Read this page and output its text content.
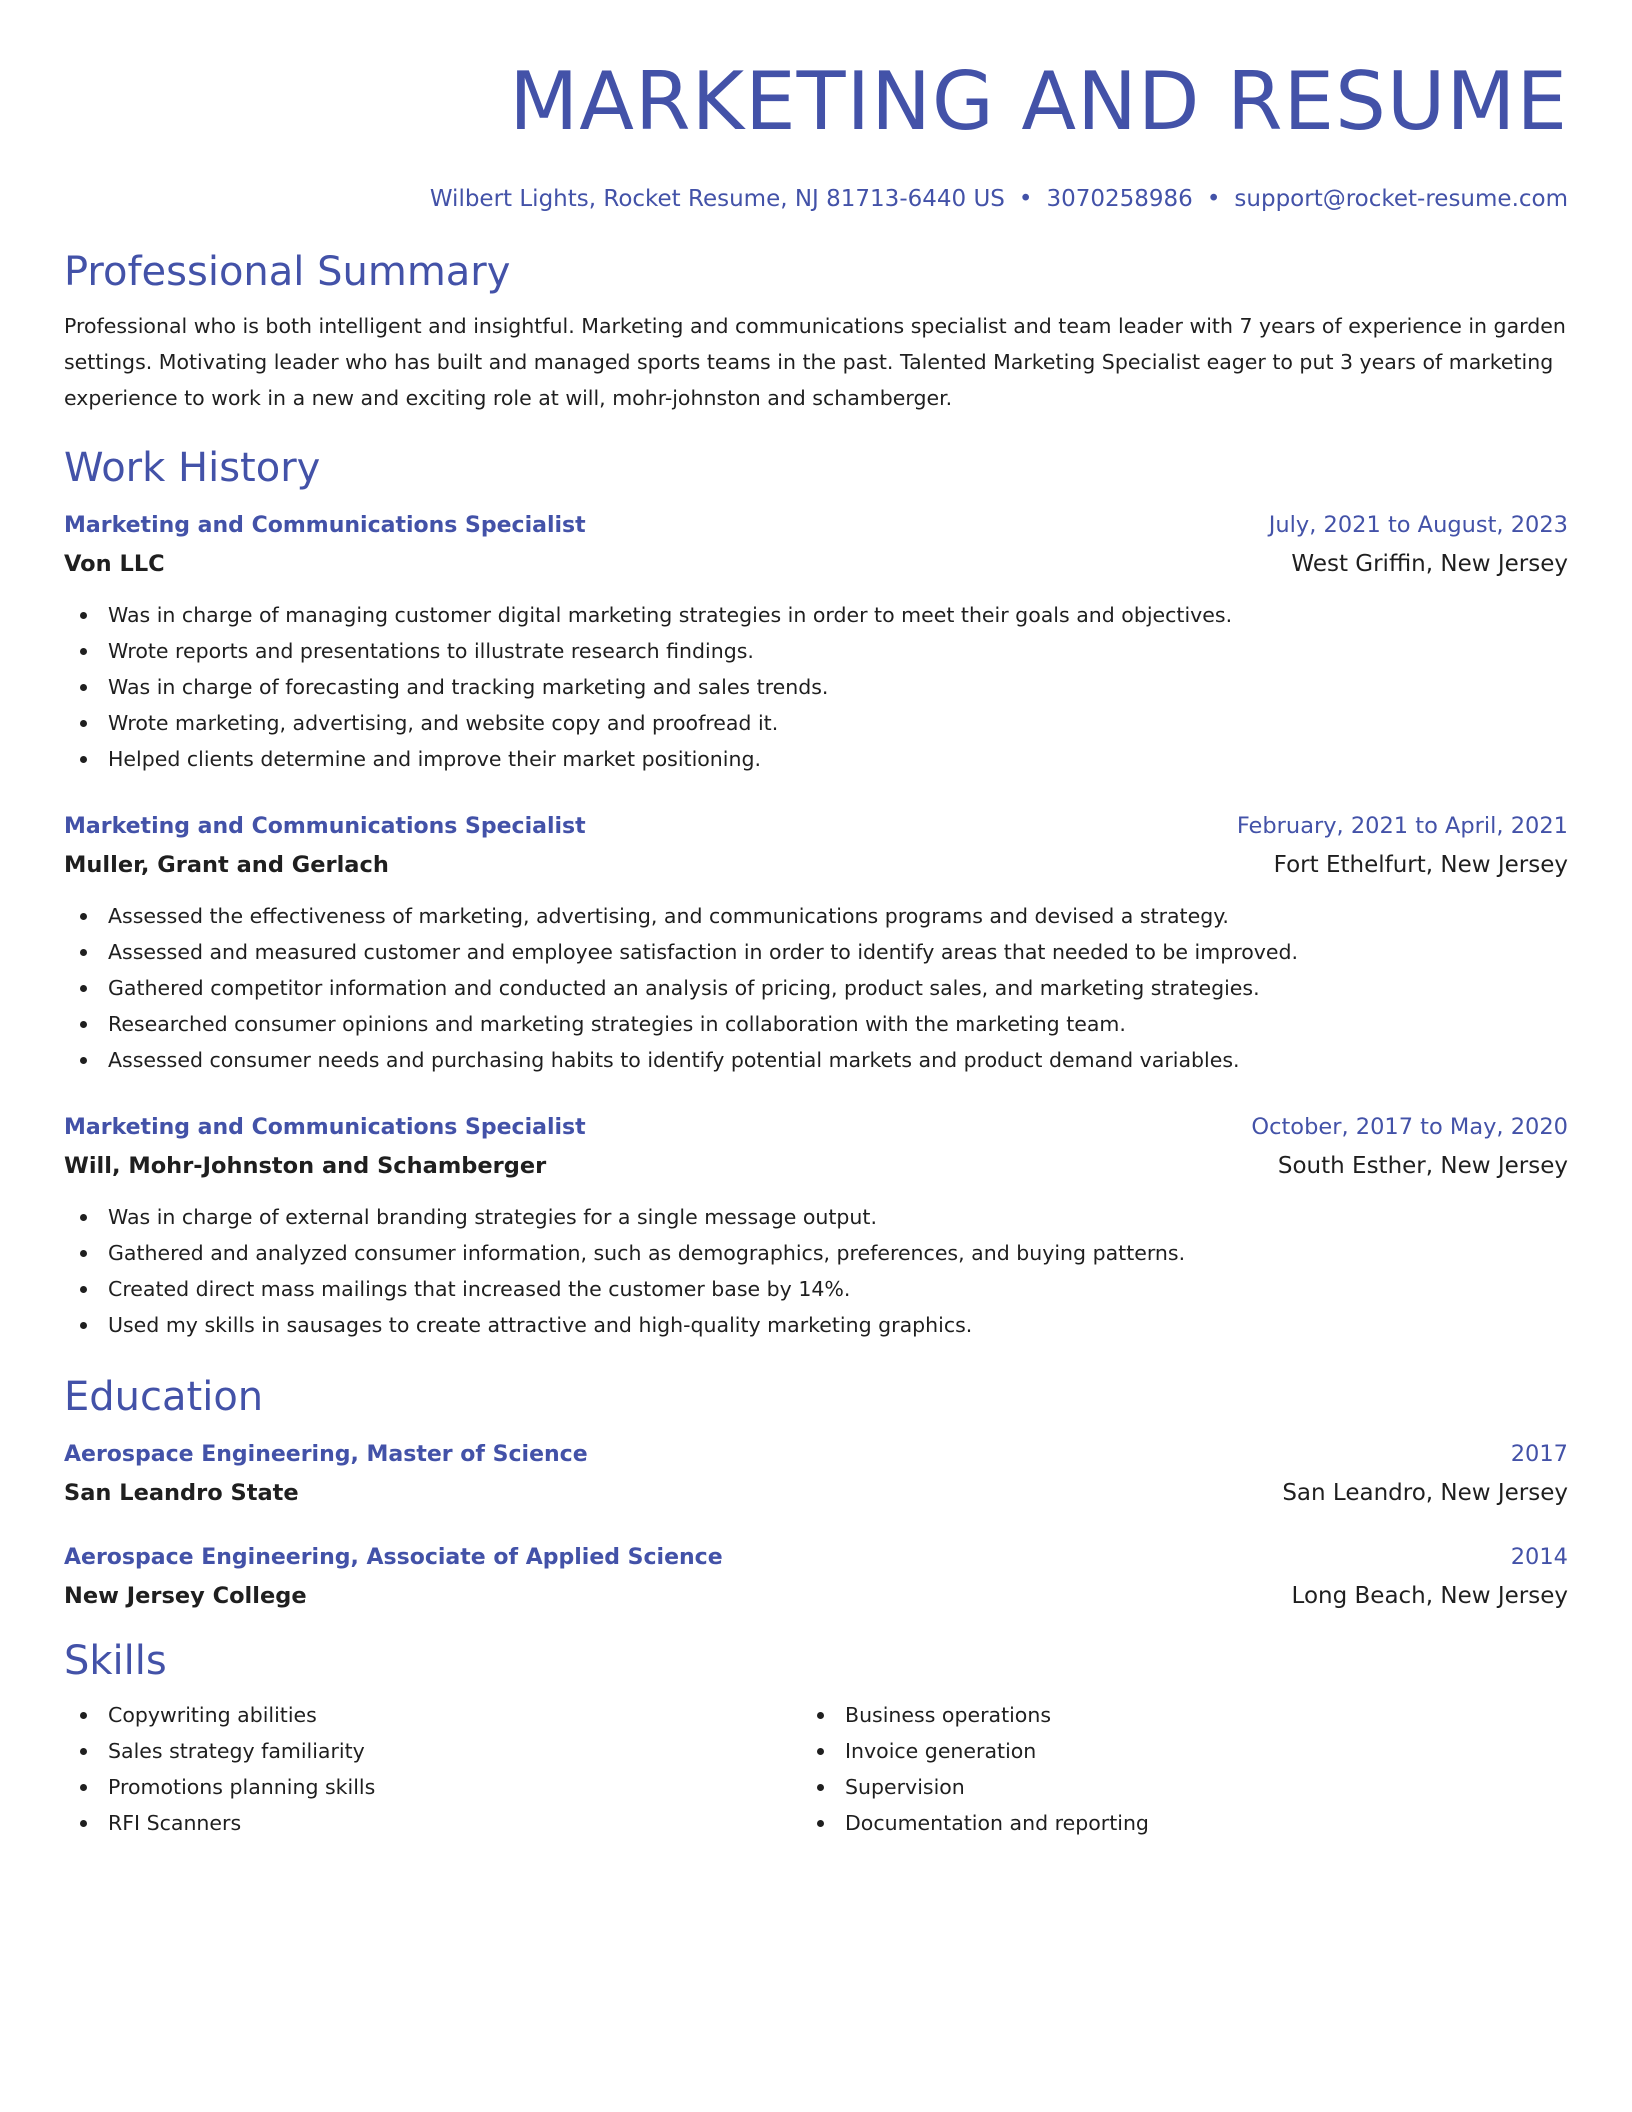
MARKETING AND RESUME
Wilbert Lights, Rocket Resume, NJ 81713-6440 US • 3070258986 • support@rocket-resume.com
Professional Summary

Professional who is both intelligent and insightful. Marketing and communications specialist and team leader with 7 years of experience in garden settings. Motivating leader who has built and managed sports teams in the past. Talented Marketing Specialist eager to put 3 years of marketing experience to work in a new and exciting role at will, mohr-johnston and schamberger.

Work History
Marketing and Communications Specialist	July, 2021 to August, 2023
Von LLC	West Griffin, New Jersey
Was in charge of managing customer digital marketing strategies in order to meet their goals and objectives.
Wrote reports and presentations to illustrate research findings.
Was in charge of forecasting and tracking marketing and sales trends.
Wrote marketing, advertising, and website copy and proofread it.
Helped clients determine and improve their market positioning.
Marketing and Communications Specialist	February, 2021 to April, 2021
Muller, Grant and Gerlach	Fort Ethelfurt, New Jersey
Assessed the effectiveness of marketing, advertising, and communications programs and devised a strategy.
Assessed and measured customer and employee satisfaction in order to identify areas that needed to be improved.
Gathered competitor information and conducted an analysis of pricing, product sales, and marketing strategies.
Researched consumer opinions and marketing strategies in collaboration with the marketing team.
Assessed consumer needs and purchasing habits to identify potential markets and product demand variables.
Marketing and Communications Specialist	October, 2017 to May, 2020
Will, Mohr-Johnston and Schamberger	South Esther, New Jersey
Was in charge of external branding strategies for a single message output.
Gathered and analyzed consumer information, such as demographics, preferences, and buying patterns.
Created direct mass mailings that increased the customer base by 14%.
Used my skills in sausages to create attractive and high-quality marketing graphics.
Education
Aerospace Engineering, Master of Science	2017
San Leandro State	San Leandro, New Jersey
Aerospace Engineering, Associate of Applied Science	2014
New Jersey College	Long Beach, New Jersey
Skills
Copywriting abilities
Sales strategy familiarity
Promotions planning skills
RFI Scanners
Business operations
Invoice generation
Supervision
Documentation and reporting
